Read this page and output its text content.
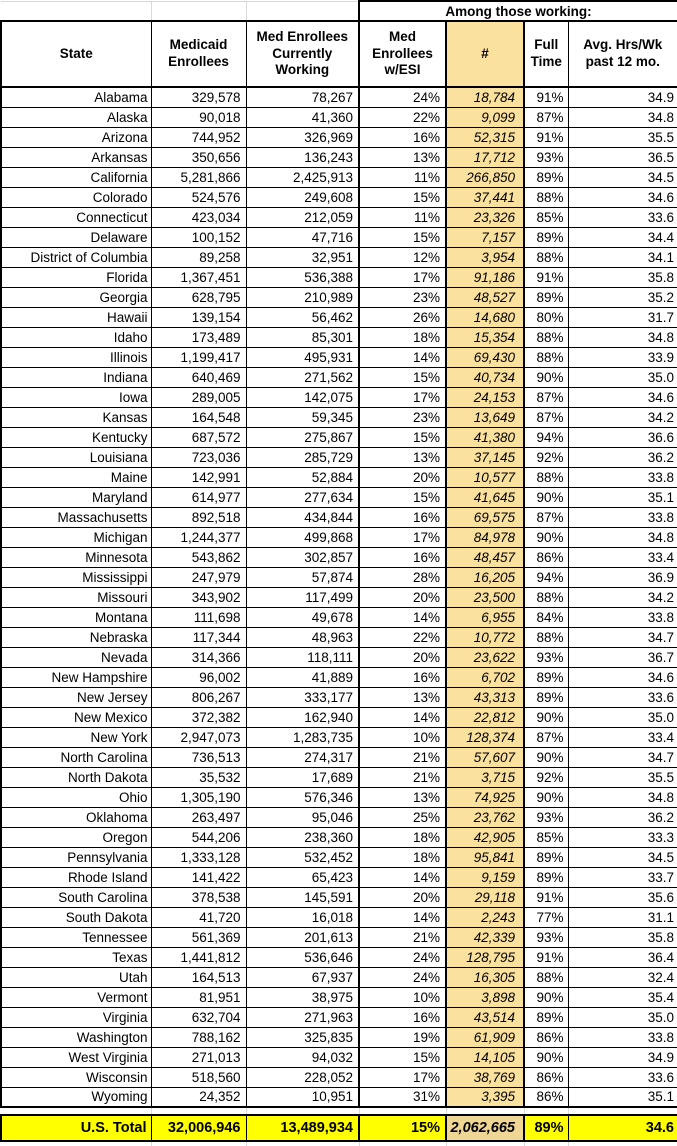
			Among those working:			
State	Medicaid Enrollees	Med Enrollees Currently Working	Med Enrollees w/ESI	#	Full Time	Avg. Hrs/Wk past 12 mo.
Alabama	329,578	78,267	24%	18,784	91%	34.9
Alaska	90,018	41,360	22%	9,099	87%	34.8
Arizona	744,952	326,969	16%	52,315	91%	35.5
Arkansas	350,656	136,243	13%	17,712	93%	36.5
California	5,281,866	2,425,913	11%	266,850	89%	34.5
Colorado	524,576	249,608	15%	37,441	88%	34.6
Connecticut	423,034	212,059	11%	23,326	85%	33.6
Delaware	100,152	47,716	15%	7,157	89%	34.4
District of Columbia	89,258	32,951	12%	3,954	88%	34.1
Florida	1,367,451	536,388	17%	91,186	91%	35.8
Georgia	628,795	210,989	23%	48,527	89%	35.2
Hawaii	139,154	56,462	26%	14,680	80%	31.7
Idaho	173,489	85,301	18%	15,354	88%	34.8
Illinois	1,199,417	495,931	14%	69,430	88%	33.9
Indiana	640,469	271,562	15%	40,734	90%	35.0
Iowa	289,005	142,075	17%	24,153	87%	34.6
Kansas	164,548	59,345	23%	13,649	87%	34.2
Kentucky	687,572	275,867	15%	41,380	94%	36.6
Louisiana	723,036	285,729	13%	37,145	92%	36.2
Maine	142,991	52,884	20%	10,577	88%	33.8
Maryland	614,977	277,634	15%	41,645	90%	35.1
Massachusetts	892,518	434,844	16%	69,575	87%	33.8
Michigan	1,244,377	499,868	17%	84,978	90%	34.8
Minnesota	543,862	302,857	16%	48,457	86%	33.4
Mississippi	247,979	57,874	28%	16,205	94%	36.9
Missouri	343,902	117,499	20%	23,500	88%	34.2
Montana	111,698	49,678	14%	6,955	84%	33.8
Nebraska	117,344	48,963	22%	10,772	88%	34.7
Nevada	314,366	118,111	20%	23,622	93%	36.7
New Hampshire	96,002	41,889	16%	6,702	89%	34.6
New Jersey	806,267	333,177	13%	43,313	89%	33.6
New Mexico	372,382	162,940	14%	22,812	90%	35.0
New York	2,947,073	1,283,735	10%	128,374	87%	33.4
North Carolina	736,513	274,317	21%	57,607	90%	34.7
North Dakota	35,532	17,689	21%	3,715	92%	35.5
Ohio	1,305,190	576,346	13%	74,925	90%	34.8
Oklahoma	263,497	95,046	25%	23,762	93%	36.2
Oregon	544,206	238,360	18%	42,905	85%	33.3
Pennsylvania	1,333,128	532,452	18%	95,841	89%	34.5
Rhode Island	141,422	65,423	14%	9,159	89%	33.7
South Carolina	378,538	145,591	20%	29,118	91%	35.6
South Dakota	41,720	16,018	14%	2,243	77%	31.1
Tennessee	561,369	201,613	21%	42,339	93%	35.8
Texas	1,441,812	536,646	24%	128,795	91%	36.4
Utah	164,513	67,937	24%	16,305	88%	32.4
Vermont	81,951	38,975	10%	3,898	90%	35.4
Virginia	632,704	271,963	16%	43,514	89%	35.0
Washington	788,162	325,835	19%	61,909	86%	33.8
West Virginia	271,013	94,032	15%	14,105	90%	34.9
Wisconsin	518,560	228,052	17%	38,769	86%	33.6
Wyoming	24,352	10,951	31%	3,395	86%	35.1

U.S. Total	32,006,946	13,489,934	15%	2,062,665	89%	34.6
